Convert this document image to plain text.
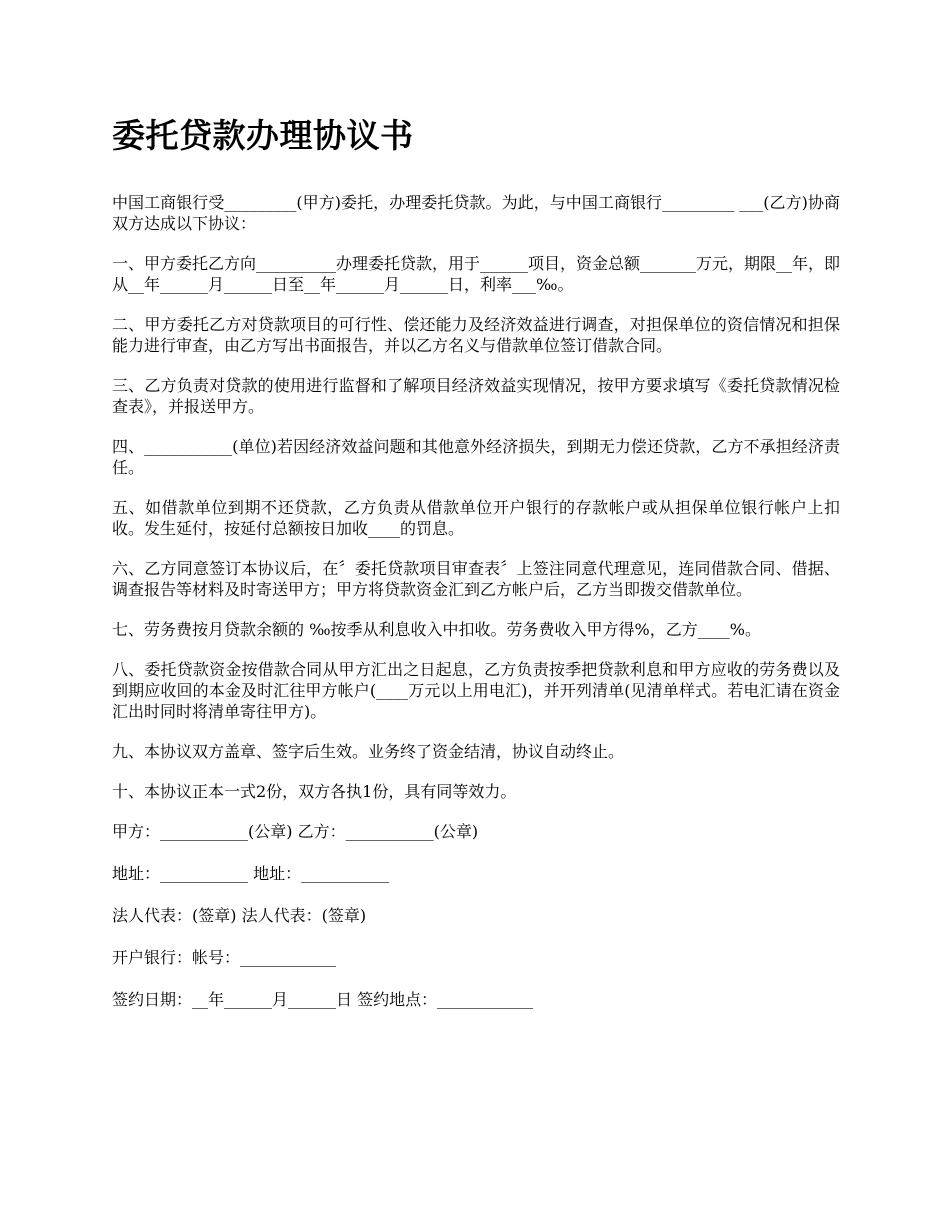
委托贷款办理协议书

中国工商银行受_________(甲方)委托，办理委托贷款。为此，与中国工商银行_________ ___(乙方)协商双方达成以下协议：

一、甲方委托乙方向__________办理委托贷款，用于______项目，资金总额_______万元，期限__年，即从__年______月______日至__年______月______日，利率___‰。

二、甲方委托乙方对贷款项目的可行性、偿还能力及经济效益进行调查，对担保单位的资信情况和担保能力进行审查，由乙方写出书面报告，并以乙方名义与借款单位签订借款合同。

三、乙方负责对贷款的使用进行监督和了解项目经济效益实现情况，按甲方要求填写《委托贷款情况检查表》，并报送甲方。

四、___________(单位)若因经济效益问题和其他意外经济损失，到期无力偿还贷款，乙方不承担经济责任。

五、如借款单位到期不还贷款，乙方负责从借款单位开户银行的存款帐户或从担保单位银行帐户上扣收。发生延付，按延付总额按日加收____的罚息。

六、乙方同意签订本协议后，在〞委托贷款项目审查表〞上签注同意代理意见，连同借款合同、借据、调查报告等材料及时寄送甲方；甲方将贷款资金汇到乙方帐户后，乙方当即拨交借款单位。

七、劳务费按月贷款余额的 ‰按季从利息收入中扣收。劳务费收入甲方得%，乙方____%。

八、委托贷款资金按借款合同从甲方汇出之日起息，乙方负责按季把贷款利息和甲方应收的劳务费以及到期应收回的本金及时汇往甲方帐户(____万元以上用电汇)，并开列清单(见清单样式。若电汇请在资金汇出时同时将清单寄往甲方)。

九、本协议双方盖章、签字后生效。业务终了资金结清，协议自动终止。

十、本协议正本一式2份，双方各执1份，具有同等效力。

甲方：___________(公章) 乙方：___________(公章)

地址：___________ 地址：___________

法人代表：(签章) 法人代表：(签章)

开户银行：帐号：____________

签约日期：__年______月______日 签约地点：____________
